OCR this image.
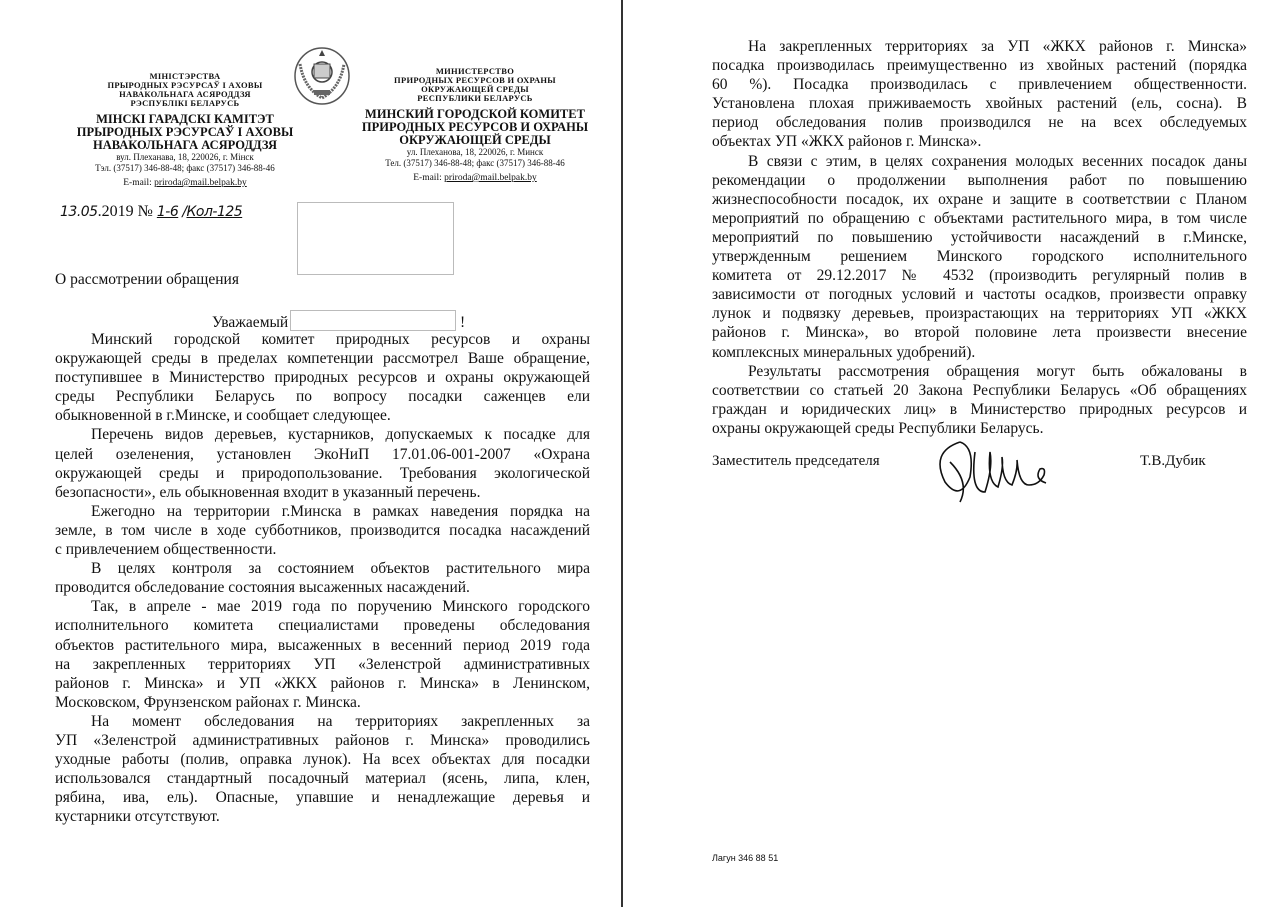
МІНІСТЭРСТВА
ПРЫРОДНЫХ РЭСУРСАЎ І АХОВЫ
НАВАКОЛЬНАГА АСЯРОДДЗЯ
РЭСПУБЛІКІ БЕЛАРУСЬ
МІНСКІ ГАРАДСКІ КАМІТЭТ
ПРЫРОДНЫХ РЭСУРСАЎ І АХОВЫ
НАВАКОЛЬНАГА АСЯРОДДЗЯ
вул. Плеханава, 18, 220026, г. Мінск
Тэл. (37517) 346-88-48; факс (37517) 346-88-46
E-mail: priroda@mail.belpak.by
МИНИСТЕРСТВО
ПРИРОДНЫХ РЕСУРСОВ И ОХРАНЫ
ОКРУЖАЮЩЕЙ СРЕДЫ
РЕСПУБЛИКИ БЕЛАРУСЬ
МИНСКИЙ ГОРОДСКОЙ КОМИТЕТ
ПРИРОДНЫХ РЕСУРСОВ И ОХРАНЫ
ОКРУЖАЮЩЕЙ СРЕДЫ
ул. Плеханова, 18, 220026, г. Минск
Тел. (37517) 346-88-48; факс (37517) 346-88-46
E-mail: priroda@mail.belpak.by
13.05.2019 № 1-6 /Кол-125
О рассмотрении обращения
Уважаемый	!
Минский городской комитет природных ресурсов и охраны
окружающей среды в пределах компетенции рассмотрел Ваше обращение,
поступившее в Министерство природных ресурсов и охраны окружающей
среды Республики Беларусь по вопросу посадки саженцев ели
обыкновенной в г.Минске, и сообщает следующее.
Перечень видов деревьев, кустарников, допускаемых к посадке для
целей озеленения, установлен ЭкоНиП 17.01.06-001-2007 «Охрана
окружающей среды и природопользование. Требования экологической
безопасности», ель обыкновенная входит в указанный перечень.
Ежегодно на территории г.Минска в рамках наведения порядка на
земле, в том числе в ходе субботников, производится посадка насаждений
с привлечением общественности.
В целях контроля за состоянием объектов растительного мира
проводится обследование состояния высаженных насаждений.
Так, в апреле - мае 2019 года по поручению Минского городского
исполнительного комитета специалистами проведены обследования
объектов растительного мира, высаженных в весенний период 2019 года
на закрепленных территориях УП «Зеленстрой административных
районов г. Минска» и УП «ЖКХ районов г. Минска» в Ленинском,
Московском, Фрунзенском районах г. Минска.
На момент обследования на территориях закрепленных за
УП «Зеленстрой административных районов г. Минска» проводились
уходные работы (полив, оправка лунок). На всех объектах для посадки
использовался стандартный посадочный материал (ясень, липа, клен,
рябина, ива, ель). Опасные, упавшие и ненадлежащие деревья и
кустарники отсутствуют.
На закрепленных территориях за УП «ЖКХ районов г. Минска»
посадка производилась преимущественно из хвойных растений (порядка
60 %). Посадка производилась с привлечением общественности.
Установлена плохая приживаемость хвойных растений (ель, сосна). В
период обследования полив производился не на всех обследуемых
объектах УП «ЖКХ районов г. Минска».
В связи с этим, в целях сохранения молодых весенних посадок даны
рекомендации о продолжении выполнения работ по повышению
жизнеспособности посадок, их охране и защите в соответствии с Планом
мероприятий по обращению с объектами растительного мира, в том числе
мероприятий по повышению устойчивости насаждений в г.Минске,
утвержденным решением Минского городского исполнительного
комитета от 29.12.2017 № 4532 (производить регулярный полив в
зависимости от погодных условий и частоты осадков, произвести оправку
лунок и подвязку деревьев, произрастающих на территориях УП «ЖКХ
районов г. Минска», во второй половине лета произвести внесение
комплексных минеральных удобрений).
Результаты рассмотрения обращения могут быть обжалованы в
соответствии со статьей 20 Закона Республики Беларусь «Об обращениях
граждан и юридических лиц» в Министерство природных ресурсов и
охраны окружающей среды Республики Беларусь.
Заместитель председателя	Т.В.Дубик
Лагун 346 88 51
